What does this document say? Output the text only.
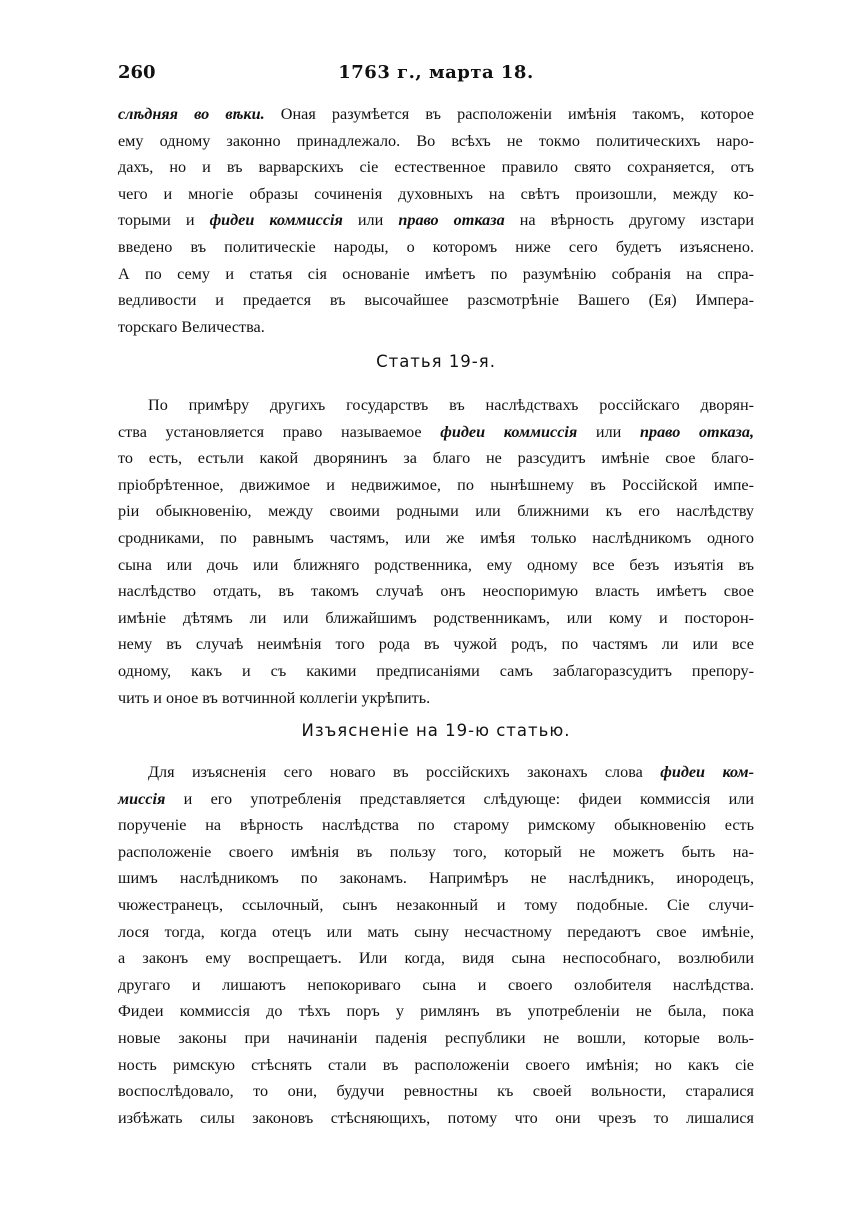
260	1763 г., марта 18.
слѣдняя во вѣки. Оная разумѣется въ расположеніи имѣнія такомъ, которое
ему одному законно принадлежало. Во всѣхъ не токмо политическихъ наро-
дахъ, но и въ варварскихъ сіе естественное правило свято сохраняется, отъ
чего и многіе образы сочиненія духовныхъ на свѣтъ произошли, между ко-
торыми и фидеи коммиссія или право отказа на вѣрность другому изстари
введено въ политическіе народы, о которомъ ниже сего будетъ изъяснено.
А по сему и статья сія основаніе имѣетъ по разумѣнію собранія на спра-
ведливости и предается въ высочайшее разсмотрѣніе Вашего (Ея) Импера-
торскаго Величества.
Статья 19-я.
По примѣру другихъ государствъ въ наслѣдствахъ россійскаго дворян-
ства установляется право называемое фидеи коммиссія или право отказа,
то есть, естьли какой дворянинъ за благо не разсудитъ имѣніе свое благо-
пріобрѣтенное, движимое и недвижимое, по нынѣшнему въ Россійской импе-
ріи обыкновенію, между своими родными или ближними къ его наслѣдству
сродниками, по равнымъ частямъ, или же имѣя только наслѣдникомъ одного
сына или дочь или ближняго родственника, ему одному все безъ изъятія въ
наслѣдство отдать, въ такомъ случаѣ онъ неоспоримую власть имѣетъ свое
имѣніе дѣтямъ ли или ближайшимъ родственникамъ, или кому и посторон-
нему въ случаѣ неимѣнія того рода въ чужой родъ, по частямъ ли или все
одному, какъ и съ какими предписаніями самъ заблагоразсудитъ препору-
чить и оное въ вотчинной коллегіи укрѣпить.
Изъясненіе на 19-ю статью.
Для изъясненія сего новаго въ россійскихъ законахъ слова фидеи ком-
миссія и его употребленія представляется слѣдующе: фидеи коммиссія или
порученіе на вѣрность наслѣдства по старому римскому обыкновенію есть
расположеніе своего имѣнія въ пользу того, который не можетъ быть на-
шимъ наслѣдникомъ по законамъ. Напримѣръ не наслѣдникъ, инородецъ,
чюжестранецъ, ссылочный, сынъ незаконный и тому подобные. Сіе случи-
лося тогда, когда отецъ или мать сыну несчастному передаютъ свое имѣніе,
а законъ ему воспрещаетъ. Или когда, видя сына неспособнаго, возлюбили
другаго и лишаютъ непокориваго сына и своего озлобителя наслѣдства.
Фидеи коммиссія до тѣхъ поръ у римлянъ въ употребленіи не была, пока
новые законы при начинаніи паденія республики не вошли, которые воль-
ность римскую стѣснять стали въ расположеніи своего имѣнія; но какъ сіе
воспослѣдовало, то они, будучи ревностны къ своей вольности, старалися
избѣжать силы законовъ стѣсняющихъ, потому что они чрезъ то лишалися
